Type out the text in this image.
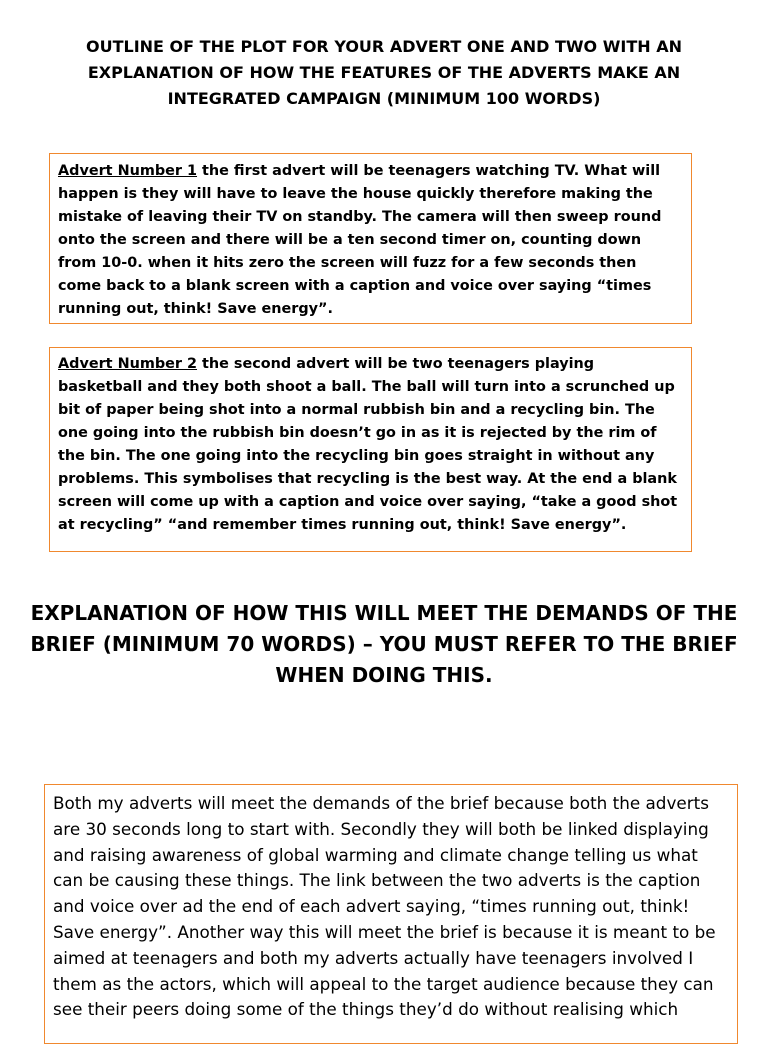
OUTLINE OF THE PLOT FOR YOUR ADVERT ONE AND TWO WITH AN EXPLANATION OF HOW THE FEATURES OF THE ADVERTS MAKE AN INTEGRATED CAMPAIGN (MINIMUM 100 WORDS)
Advert Number 1 the first advert will be teenagers watching TV. What will happen is they will have to leave the house quickly therefore making the mistake of leaving their TV on standby. The camera will then sweep round onto the screen and there will be a ten second timer on, counting down from 10-0. when it hits zero the screen will fuzz for a few seconds then come back to a blank screen with a caption and voice over saying “times running out, think! Save energy”.
Advert Number 2 the second advert will be two teenagers playing basketball and they both shoot a ball. The ball will turn into a scrunched up bit of paper being shot into a normal rubbish bin and a recycling bin. The one going into the rubbish bin doesn’t go in as it is rejected by the rim of the bin. The one going into the recycling bin goes straight in without any problems. This symbolises that recycling is the best way. At the end a blank screen will come up with a caption and voice over saying, “take a good shot at recycling” “and remember times running out, think! Save energy”.
EXPLANATION OF HOW THIS WILL MEET THE DEMANDS OF THE BRIEF (MINIMUM 70 WORDS) – YOU MUST REFER TO THE BRIEF WHEN DOING THIS.
Both my adverts will meet the demands of the brief because both the adverts are 30 seconds long to start with. Secondly they will both be linked displaying and raising awareness of global warming and climate change telling us what can be causing these things. The link between the two adverts is the caption and voice over ad the end of each advert saying, “times running out, think! Save energy”. Another way this will meet the brief is because it is meant to be aimed at teenagers and both my adverts actually have teenagers involved I them as the actors, which will appeal to the target audience because they can see their peers doing some of the things they’d do without realising which
